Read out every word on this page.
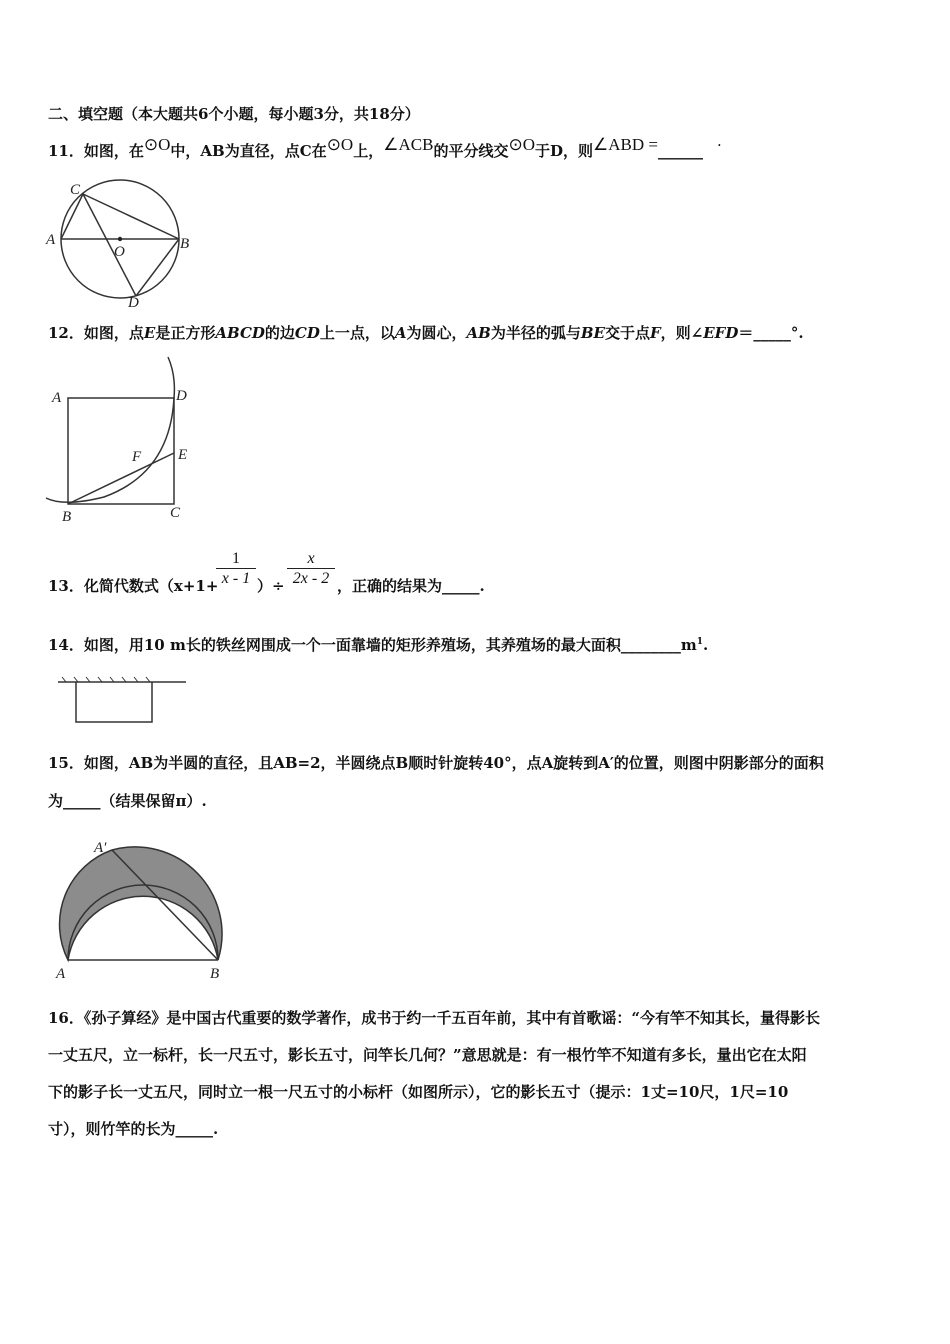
二、填空题（本大题共6个小题，每小题3分，共18分）
11．如图，在⊙O中，AB为直径，点C在⊙O上，∠ACB的平分线交⊙O于D，则∠ABD =______ ·
C
A	B
O
D
12．如图，点E是正方形ABCD的边CD上一点，以A为圆心，AB为半径的弧与BE交于点F，则∠EFD＝_____°.
A	D
F E
B	C
13．化简代数式（x+1+
$\frac{1}{x - 1}$ ）÷ $\frac{x}{2x - 2}$ ，正确的结果为_____.
14．如图，用10 m长的铁丝网围成一个一面靠墙的矩形养殖场，其养殖场的最大面积$\_\_\_\_\_\_\_\_m^1$.
15．如图，AB为半圆的直径，且AB=2，半圆绕点B顺时针旋转40°，点A旋转到A′的位置，则图中阴影部分的面积
为_____（结果保留π）.
A′
A	B
16．《孙子算经》是中国古代重要的数学著作，成书于约一千五百年前，其中有首歌谣：“今有竿不知其长，量得影长
一丈五尺，立一标杆，长一尺五寸，影长五寸，问竿长几何？”意思就是：有一根竹竿不知道有多长，量出它在太阳
下的影子长一丈五尺，同时立一根一尺五寸的小标杆（如图所示），它的影长五寸（提示：1丈=10尺，1尺=10
寸），则竹竿的长为_____.
